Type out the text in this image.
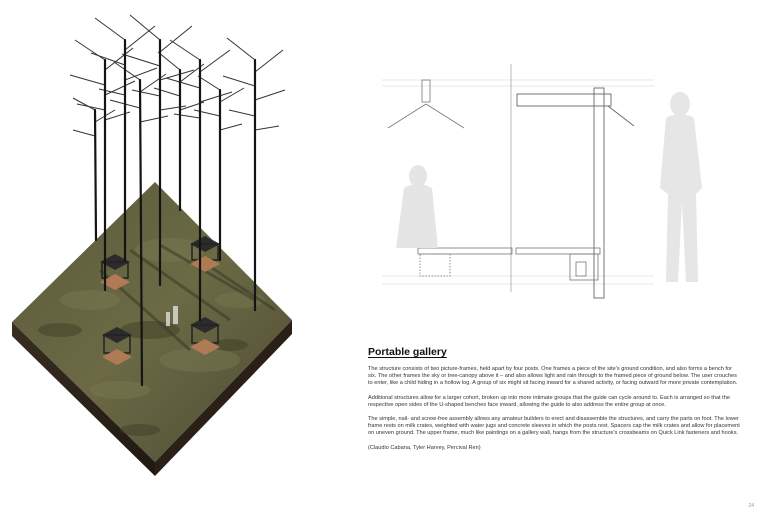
Portable gallery

The structure consists of two picture-frames, held apart by four posts. One frames a piece of the site's ground condition, and also forms a bench for six. The other frames the sky or tree-canopy above it – and also allows light and rain through to the framed piece of ground below. The user crouches to enter, like a child hiding in a hollow log. A group of six might sit facing inward for a shared activity, or facing outward for more private contemplation.

Additional structures allow for a larger cohort, broken up into more intimate groups that the guide can cycle around to. Each is arranged so that the respective open sides of the U-shaped benches face inward, allowing the guide to also address the entire group at once.

The simple, nail- and screw-free assembly allows any amateur builders to erect and disassemble the structures, and carry the parts on foot. The lower frame rests on milk crates, weighted with water jugs and concrete sleeves in which the posts rest. Spacers cap the milk crates and allow for placement on uneven ground. The upper frame, much like paintings on a gallery wall, hangs from the structure's crossbeams on Quick Link fasteners and hooks.

(Claudio Cabana, Tyler Harvey, Percival Ren)

24
